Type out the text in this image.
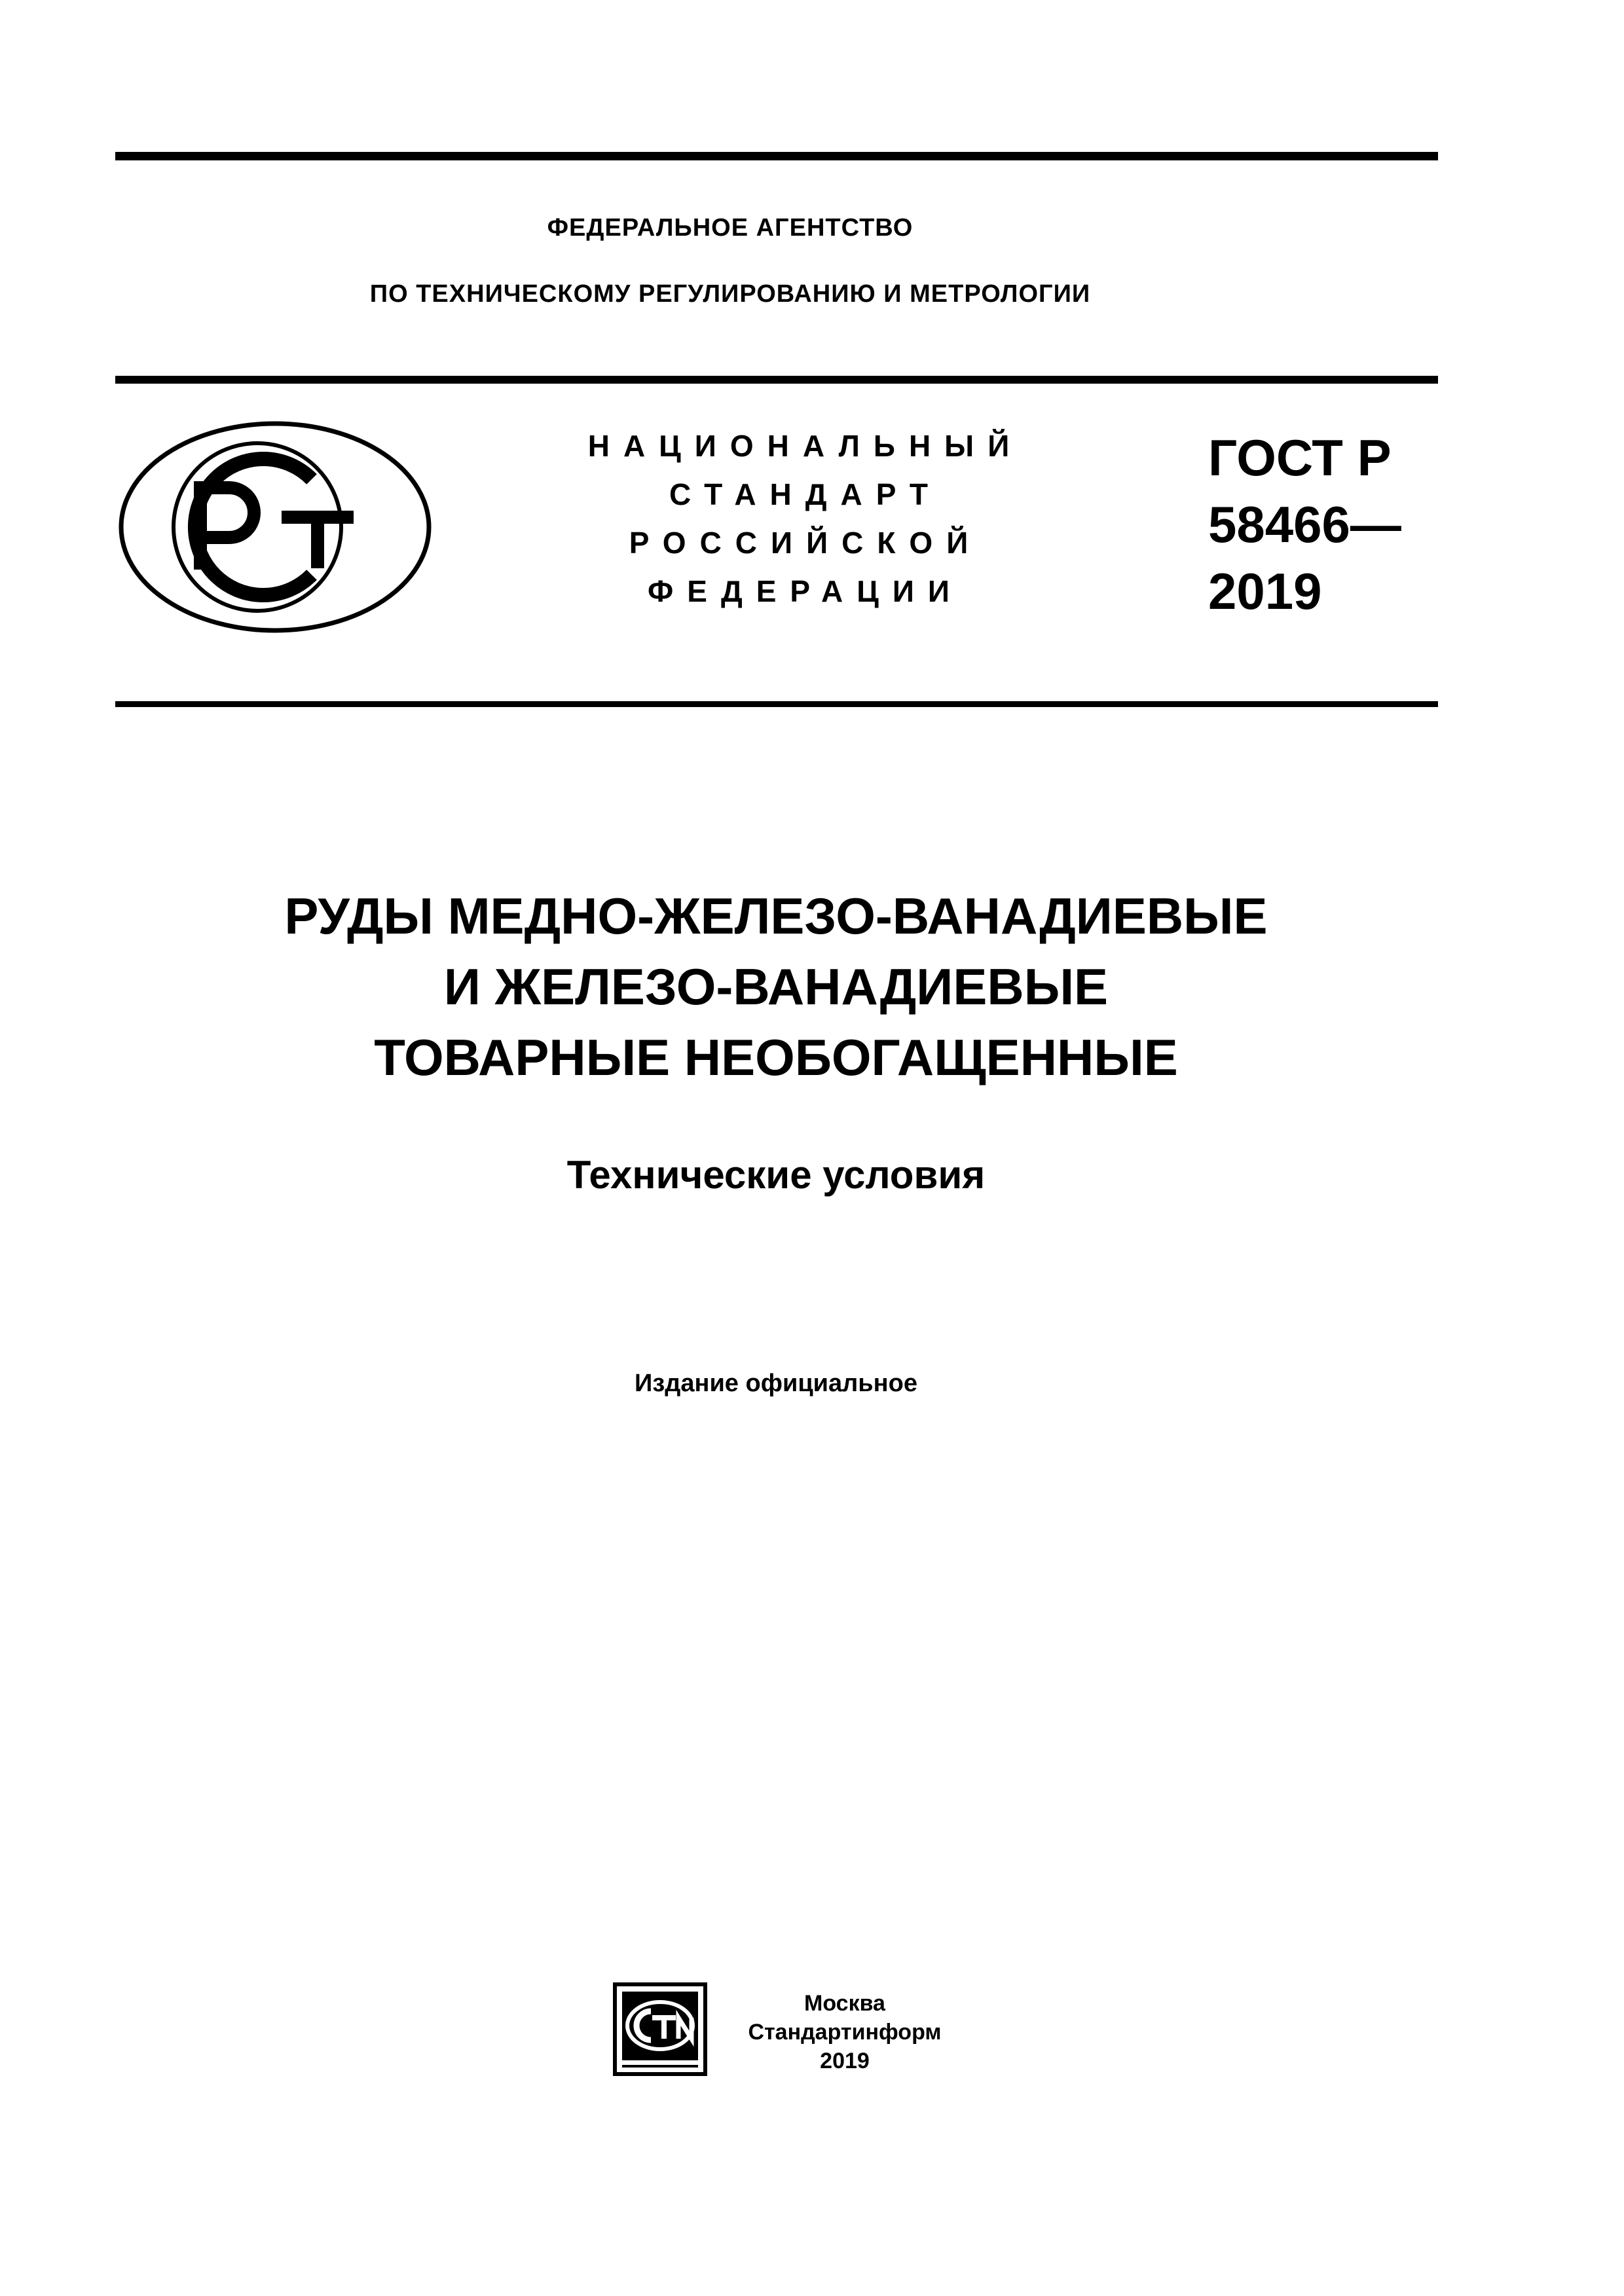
ФЕДЕРАЛЬНОЕ АГЕНТСТВО
ПО ТЕХНИЧЕСКОМУ РЕГУЛИРОВАНИЮ И МЕТРОЛОГИИ
НАЦИОНАЛЬНЫЙ
СТАНДАРТ
РОССИЙСКОЙ
ФЕДЕРАЦИИ
ГОСТ Р
58466—
2019
РУДЫ МЕДНО-ЖЕЛЕЗО-ВАНАДИЕВЫЕ
И ЖЕЛЕЗО-ВАНАДИЕВЫЕ
ТОВАРНЫЕ НЕОБОГАЩЕННЫЕ
Технические условия
Издание официальное
Москва
Стандартинформ
2019
